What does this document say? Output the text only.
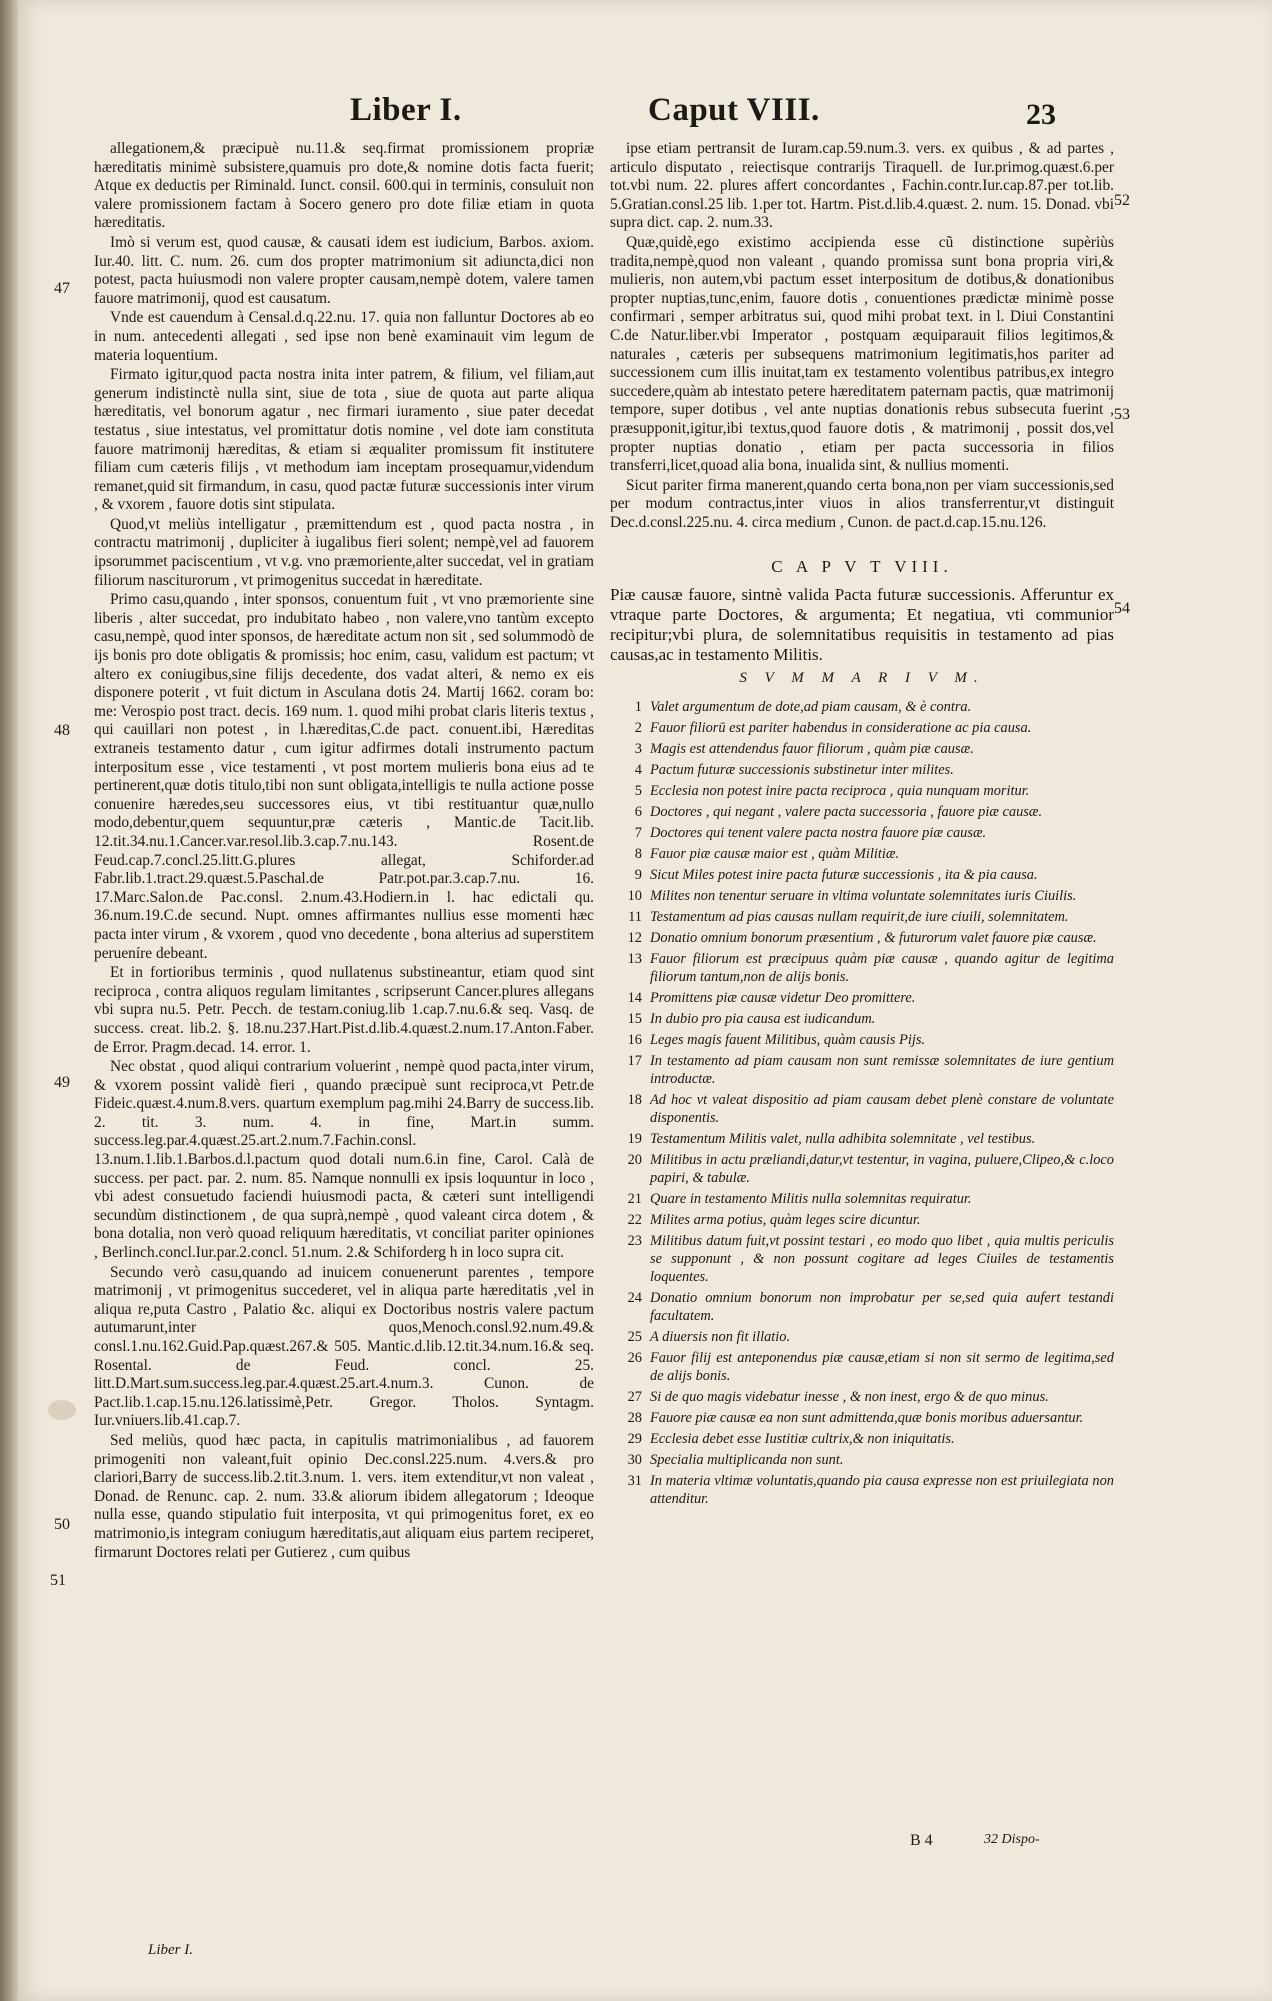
Liber I.	Caput VIII.	23
47
48
49
50
51
52
53
54

allegationem,& præcipuè nu.11.& seq.firmat promissionem propriæ hæreditatis minimè subsistere,quamuis pro dote,& nomine dotis facta fuerit; Atque ex deductis per Riminald. Iunct. consil. 600.qui in terminis, consuluit non valere promissionem factam à Socero genero pro dote filiæ etiam in quota hæreditatis.

Imò si verum est, quod causæ, & causati idem est iudicium, Barbos. axiom. Iur.40. litt. C. num. 26. cum dos propter matrimonium sit adiuncta,dici non potest, pacta huiusmodi non valere propter causam,nempè dotem, valere tamen fauore matrimonij, quod est causatum.

Vnde est cauendum à Censal.d.q.22.nu. 17. quia non falluntur Doctores ab eo in num. antecedenti allegati , sed ipse non benè examinauit vim legum de materia loquentium.

Firmato igitur,quod pacta nostra inita inter patrem, & filium, vel filiam,aut generum indistinctè nulla sint, siue de tota , siue de quota aut parte aliqua hæreditatis, vel bonorum agatur , nec firmari iuramento , siue pater decedat testatus , siue intestatus, vel promittatur dotis nomine , vel dote iam constituta fauore matrimonij hæreditas, & etiam si æqualiter promissum fit institutere filiam cum cæteris filijs , vt methodum iam inceptam prosequamur,videndum remanet,quid sit firmandum, in casu, quod pactæ futuræ successionis inter virum , & vxorem , fauore dotis sint stipulata.

Quod,vt meliùs intelligatur , præmittendum est , quod pacta nostra , in contractu matrimonij , dupliciter à iugalibus fieri solent; nempè,vel ad fauorem ipsorummet paciscentium , vt v.g. vno præmoriente,alter succedat, vel in gratiam filiorum nasciturorum , vt primogenitus succedat in hæreditate.

Primo casu,quando , inter sponsos, conuentum fuit , vt vno præmoriente sine liberis , alter succedat, pro indubitato habeo , non valere,vno tantùm excepto casu,nempè, quod inter sponsos, de hæreditate actum non sit , sed solummodò de ijs bonis pro dote obligatis & promissis; hoc enim, casu, validum est pactum; vt altero ex coniugibus,sine filijs decedente, dos vadat alteri, & nemo ex eis disponere poterit , vt fuit dictum in Asculana dotis 24. Martij 1662. coram bo: me: Verospio post tract. decis. 169 num. 1. quod mihi probat claris literis textus , qui cauillari non potest , in l.hæreditas,C.de pact. conuent.ibi, Hæreditas extraneis testamento datur , cum igitur adfirmes dotali instrumento pactum interpositum esse , vice testamenti , vt post mortem mulieris bona eius ad te pertinerent,quæ dotis titulo,tibi non sunt obligata,intelligis te nulla actione posse conuenire hæredes,seu successores eius, vt tibi restituantur quæ,nullo modo,debentur,quem sequuntur,præ cæteris , Mantic.de Tacit.lib. 12.tit.34.nu.1.Cancer.var.resol.lib.3.cap.7.nu.143. Rosent.de Feud.cap.7.concl.25.litt.G.plures allegat, Schiforder.ad Fabr.lib.1.tract.29.quæst.5.Paschal.de Patr.pot.par.3.cap.7.nu. 16. 17.Marc.Salon.de Pac.consl. 2.num.43.Hodiern.in l. hac edictali qu. 36.num.19.C.de secund. Nupt. omnes affirmantes nullius esse momenti hæc pacta inter virum , & vxorem , quod vno decedente , bona alterius ad superstitem perueníre debeant.

Et in fortioribus terminis , quod nullatenus substineantur, etiam quod sint reciproca , contra aliquos regulam limitantes , scripserunt Cancer.plures allegans vbi supra nu.5. Petr. Pecch. de testam.coniug.lib 1.cap.7.nu.6.& seq. Vasq. de success. creat. lib.2. §. 18.nu.237.Hart.Pist.d.lib.4.quæst.2.num.17.Anton.Faber. de Error. Pragm.decad. 14. error. 1.

Nec obstat , quod aliqui contrarium voluerint , nempè quod pacta,inter virum, & vxorem possint validè fieri , quando præcipuè sunt reciproca,vt Petr.de Fideic.quæst.4.num.8.vers. quartum exemplum pag.mihi 24.Barry de success.lib. 2. tit. 3. num. 4. in fine, Mart.in summ. success.leg.par.4.quæst.25.art.2.num.7.Fachin.consl. 13.num.1.lib.1.Barbos.d.l.pactum quod dotali num.6.in fine, Carol. Calà de success. per pact. par. 2. num. 85. Namque nonnulli ex ipsis loquuntur in loco , vbi adest consuetudo faciendi huiusmodi pacta, & cæteri sunt intelligendi secundùm distinctionem , de qua suprà,nempè , quod valeant circa dotem , & bona dotalia, non verò quoad reliquum hæreditatis, vt conciliat pariter opiniones , Berlinch.concl.Iur.par.2.concl. 51.num. 2.& Schiforderg h in loco supra cit.

Secundo verò casu,quando ad inuicem conuenerunt parentes , tempore matrimonij , vt primogenitus succederet, vel in aliqua parte hæreditatis ,vel in aliqua re,puta Castro , Palatio &c. aliqui ex Doctoribus nostris valere pactum autumarunt,inter quos,Menoch.consl.92.num.49.& consl.1.nu.162.Guid.Pap.quæst.267.& 505. Mantic.d.lib.12.tit.34.num.16.& seq. Rosental. de Feud. concl. 25. litt.D.Mart.sum.success.leg.par.4.quæst.25.art.4.num.3. Cunon. de Pact.lib.1.cap.15.nu.126.latissimè,Petr. Gregor. Tholos. Syntagm. Iur.vniuers.lib.41.cap.7.

Sed meliùs, quod hæc pacta, in capitulis matrimonialibus , ad fauorem primogeniti non valeant,fuit opinio Dec.consl.225.num. 4.vers.& pro clariori,Barry de success.lib.2.tit.3.num. 1. vers. item extenditur,vt non valeat , Donad. de Renunc. cap. 2. num. 33.& aliorum ibidem allegatorum ; Ideoque nulla esse, quando stipulatio fuit interposita, vt qui primogenitus foret, ex eo matrimonio,is integram coniugum hæreditatis,aut aliquam eius partem reciperet, firmarunt Doctores relati per Gutierez , cum quibus

Liber I.

ipse etiam pertransit de Iuram.cap.59.num.3. vers. ex quibus , & ad partes , articulo disputato , reiectisque contrarijs Tiraquell. de Iur.primog.quæst.6.per tot.vbi num. 22. plures affert concordantes , Fachin.contr.Iur.cap.87.per tot.lib. 5.Gratian.consl.25 lib. 1.per tot. Hartm. Pist.d.lib.4.quæst. 2. num. 15. Donad. vbi supra dict. cap. 2. num.33.

Quæ,quidè,ego existimo accipienda esse cũ distinctione supèriùs tradita,nempè,quod non valeant , quando promissa sunt bona propria viri,& mulieris, non autem,vbi pactum esset interpositum de dotibus,& donationibus propter nuptias,tunc,enim, fauore dotis , conuentiones prædictæ minimè posse confirmari , semper arbitratus sui, quod mihi probat text. in l. Diui Constantini C.de Natur.liber.vbi Imperator , postquam æquiparauit filios legitimos,& naturales , cæteris per subsequens matrimonium legitimatis,hos pariter ad successionem cum illis inuitat,tam ex testamento volentibus patribus,ex integro succedere,quàm ab intestato petere hæreditatem paternam pactis, quæ matrimonij tempore, super dotibus , vel ante nuptias donationis rebus subsecuta fuerint , præsupponit,igitur,ibi textus,quod fauore dotis , & matrimonij , possit dos,vel propter nuptias donatio , etiam per pacta successoria in filios transferri,licet,quoad alia bona, inualida sint, & nullius momenti.

Sicut pariter firma manerent,quando certa bona,non per viam successionis,sed per modum contractus,inter viuos in alios transferrentur,vt distinguit Dec.d.consl.225.nu. 4. circa medium , Cunon. de pact.d.cap.15.nu.126.

C A P V T VIII.

Piæ causæ fauore, sintnè valida Pacta futuræ successionis. Afferuntur ex vtraque parte Doctores, & argumenta; Et negatiua, vti communior recipitur;vbi plura, de solemnitatibus requisitis in testamento ad pias causas,ac in testamento Militis.

S V M M A R I V M.
1 Valet argumentum de dote,ad piam causam, & è contra.
2 Fauor filiorū est pariter habendus in consideratione ac pia causa.
3 Magis est attendendus fauor filiorum , quàm piæ causæ.
4 Pactum futuræ successionis substinetur inter milites.
5 Ecclesia non potest inire pacta reciproca , quia nunquam moritur.
6 Doctores , qui negant , valere pacta successoria , fauore piæ causæ.
7 Doctores qui tenent valere pacta nostra fauore piæ causæ.
8 Fauor piæ causæ maior est , quàm Militiæ.
9 Sicut Miles potest inire pacta futuræ successionis , ita & pia causa.
10 Milites non tenentur seruare in vltima voluntate solemnitates iuris Ciuilis.
11 Testamentum ad pias causas nullam requirit,de iure ciuili, solemnitatem.
12 Donatio omnium bonorum præsentium , & futurorum valet fauore piæ causæ.
13 Fauor filiorum est præcipuus quàm piæ causæ , quando agitur de legitima filiorum tantum,non de alijs bonis.
14 Promittens piæ causæ videtur Deo promittere.
15 In dubio pro pia causa est iudicandum.
16 Leges magis fauent Militibus, quàm causis Pijs.
17 In testamento ad piam causam non sunt remissæ solemnitates de iure gentium introductæ.
18 Ad hoc vt valeat dispositio ad piam causam debet plenè constare de voluntate disponentis.
19 Testamentum Militis valet, nulla adhibita solemnitate , vel testibus.
20 Militibus in actu præliandi,datur,vt testentur, in vagina, puluere,Clipeo,& c.loco papiri, & tabulæ.
21 Quare in testamento Militis nulla solemnitas requiratur.
22 Milites arma potius, quàm leges scire dicuntur.
23 Militibus datum fuit,vt possint testari , eo modo quo libet , quia multis periculis se supponunt , & non possunt cogitare ad leges Ciuiles de testamentis loquentes.
24 Donatio omnium bonorum non improbatur per se,sed quia aufert testandi facultatem.
25 A diuersis non fit illatio.
26 Fauor filij est anteponendus piæ causæ,etiam si non sit sermo de legitima,sed de alijs bonis.
27 Si de quo magis videbatur inesse , & non inest, ergo & de quo minus.
28 Fauore piæ causæ ea non sunt admittenda,quæ bonis moribus aduersantur.
29 Ecclesia debet esse Iustitiæ cultrix,& non iniquitatis.
30 Specialia multiplicanda non sunt.
31 In materia vltimæ voluntatis,quando pia causa expresse non est priuilegiata non attenditur.
B 4	32 Dispo-
